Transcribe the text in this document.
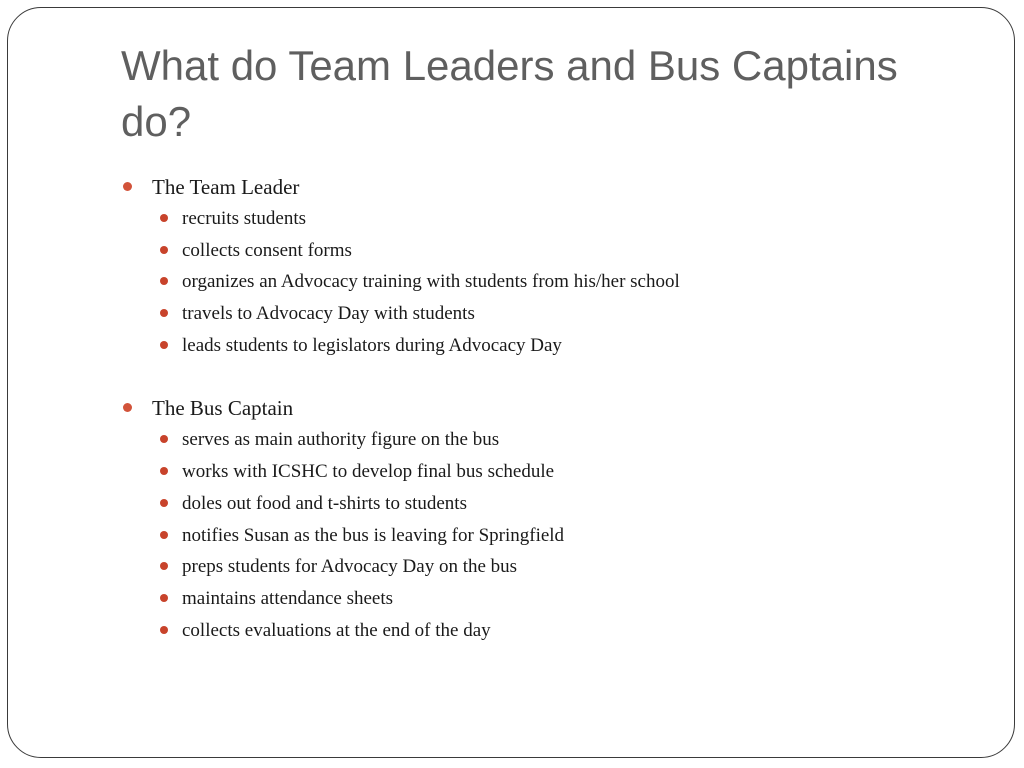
What do Team Leaders and Bus Captains do?
The Team Leader
recruits students
collects consent forms
organizes an Advocacy training with students from his/her school
travels to Advocacy Day with students
leads students to legislators during Advocacy Day
The Bus Captain
serves as main authority figure on the bus
works with ICSHC to develop final bus schedule
doles out food and t-shirts to students
notifies Susan as the bus is leaving for Springfield
preps students for Advocacy Day on the bus
maintains attendance sheets
collects evaluations at the end of the day
